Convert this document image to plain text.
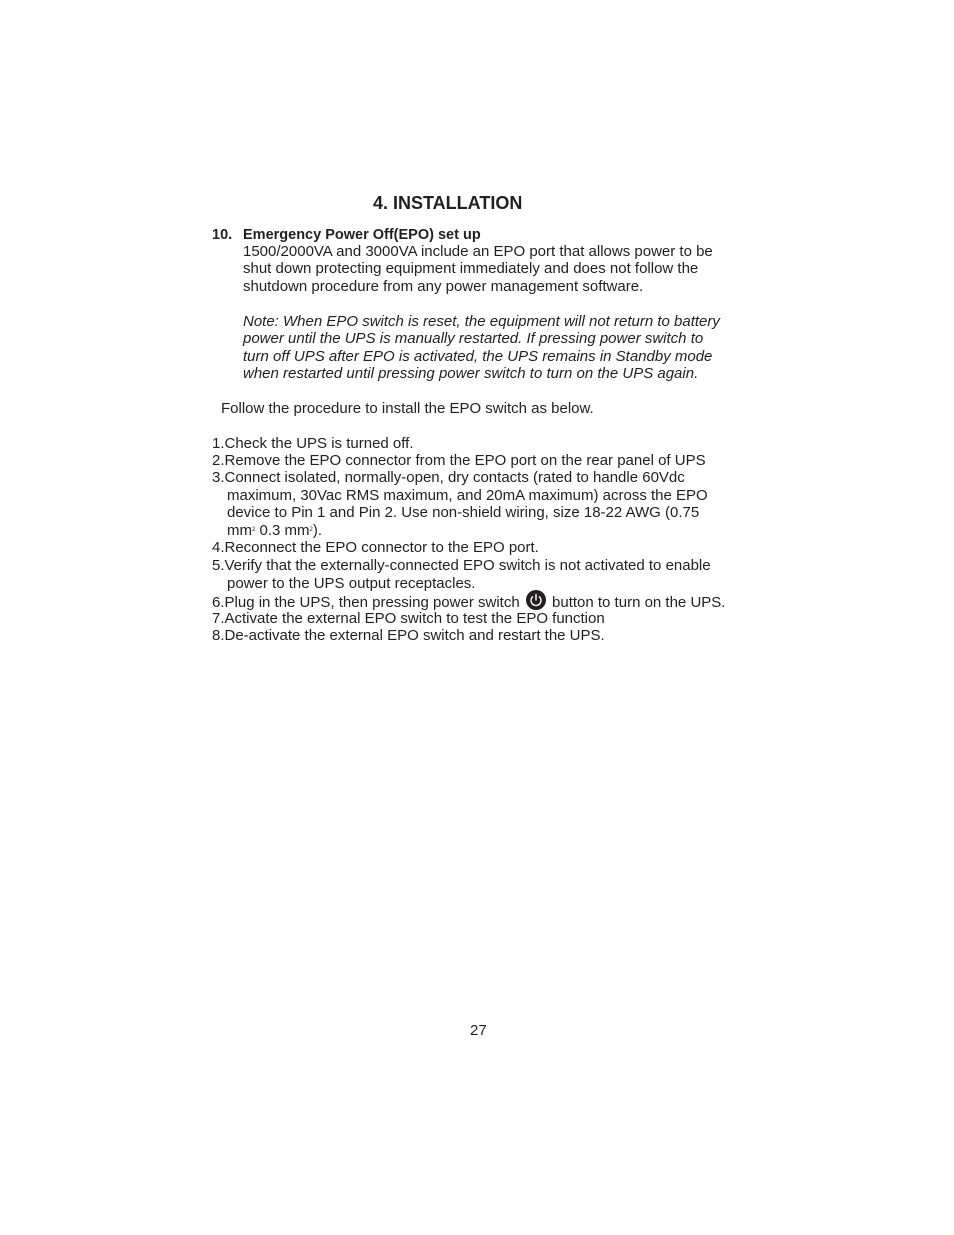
4. INSTALLATION
10. Emergency Power Off(EPO) set up
1500/2000VA and 3000VA include an EPO port that allows power to be
shut down protecting equipment immediately and does not follow the
shutdown procedure from any power management software.
Note: When EPO switch is reset, the equipment will not return to battery
power until the UPS is manually restarted. If pressing power switch to
turn off UPS after EPO is activated, the UPS remains in Standby mode
when restarted until pressing power switch to turn on the UPS again.
Follow the procedure to install the EPO switch as below.
1.Check the UPS is turned off.
2.Remove the EPO connector from the EPO port on the rear panel of UPS
3.Connect isolated, normally-open, dry contacts (rated to handle 60Vdc
maximum, 30Vac RMS maximum, and 20mA maximum) across the EPO
device to Pin 1 and Pin 2. Use non-shield wiring, size 18-22 AWG (0.75
$mm^2$ 0.3 $mm^2$).
4.Reconnect the EPO connector to the EPO port.
5.Verify that the externally-connected EPO switch is not activated to enable
power to the UPS output receptacles.
6.Plug in the UPS, then pressing power switch
button to turn on the UPS.
7.Activate the external EPO switch to test the EPO function
8.De-activate the external EPO switch and restart the UPS.
27
